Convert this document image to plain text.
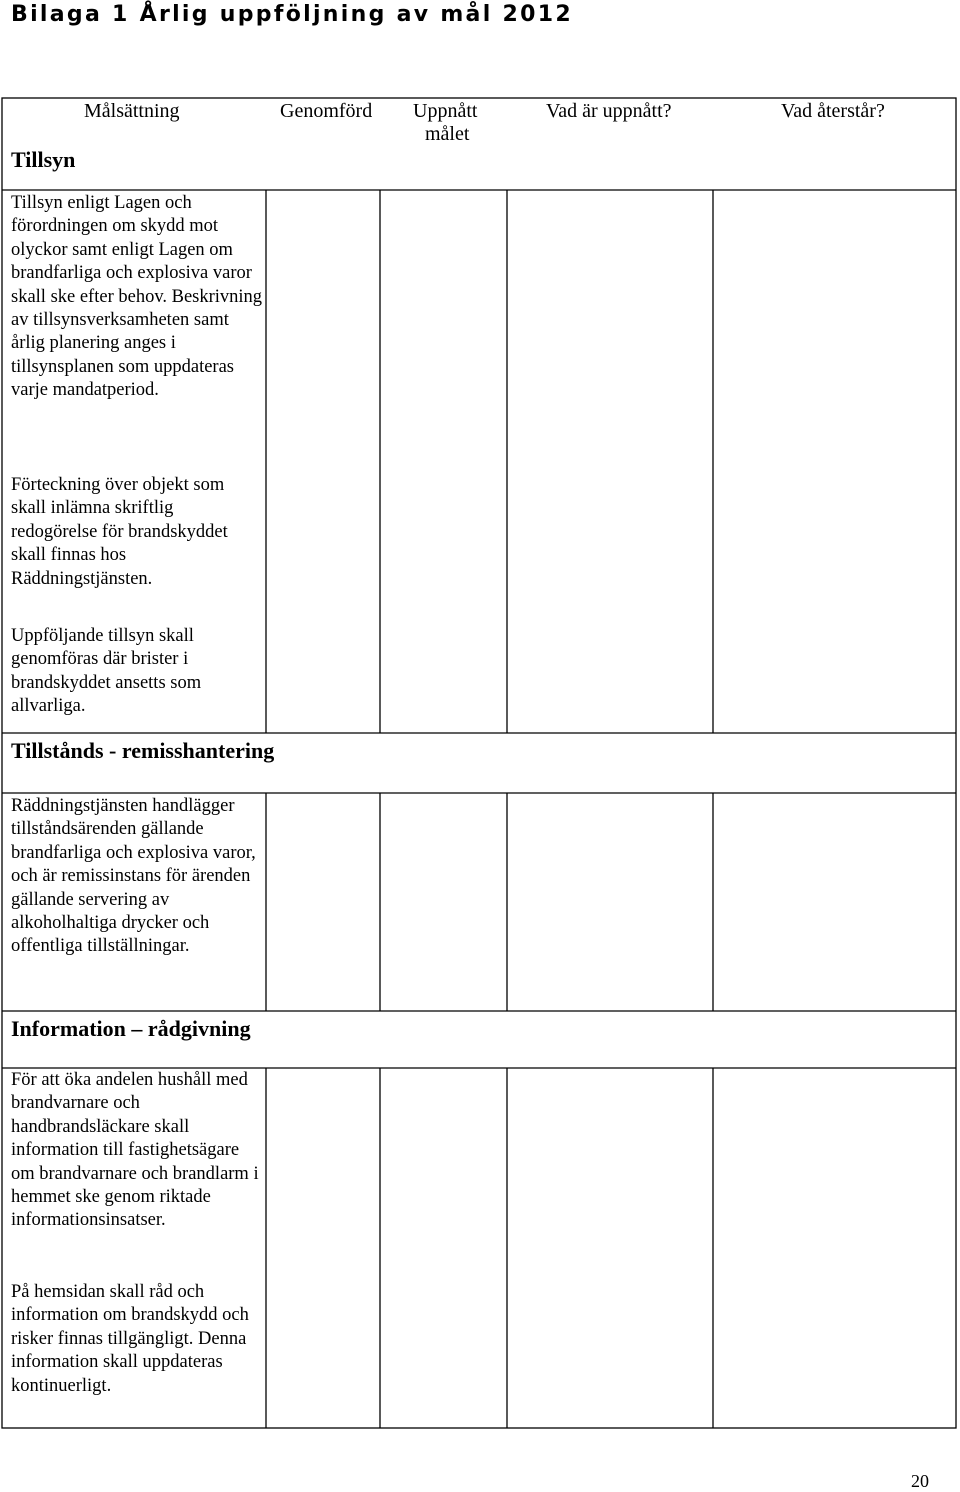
Bilaga 1 Årlig uppföljning av mål 2012
Målsättning	Genomförd Uppnått
målet
Vad är uppnått?	Vad återstår?
Tillsyn
Tillsyn enligt Lagen och förordningen om skydd mot olyckor samt enligt Lagen om brandfarliga och explosiva varor skall ske efter behov. Beskrivning av tillsynsverksamheten samt årlig planering anges i tillsynsplanen som uppdateras varje mandatperiod.
Förteckning över objekt som skall inlämna skriftlig redogörelse för brandskyddet skall finnas hos Räddningstjänsten.
Uppföljande tillsyn skall genomföras där brister i brandskyddet ansetts som allvarliga.
Tillstånds - remisshantering
Räddningstjänsten handlägger tillståndsärenden gällande brandfarliga och explosiva varor, och är remissinstans för ärenden gällande servering av alkoholhaltiga drycker och offentliga tillställningar.
Information – rådgivning
För att öka andelen hushåll med brandvarnare och handbrandsläckare skall information till fastighetsägare om brandvarnare och brandlarm i hemmet ske genom riktade informationsinsatser.
På hemsidan skall råd och information om brandskydd och risker finnas tillgängligt. Denna information skall uppdateras kontinuerligt.
20
